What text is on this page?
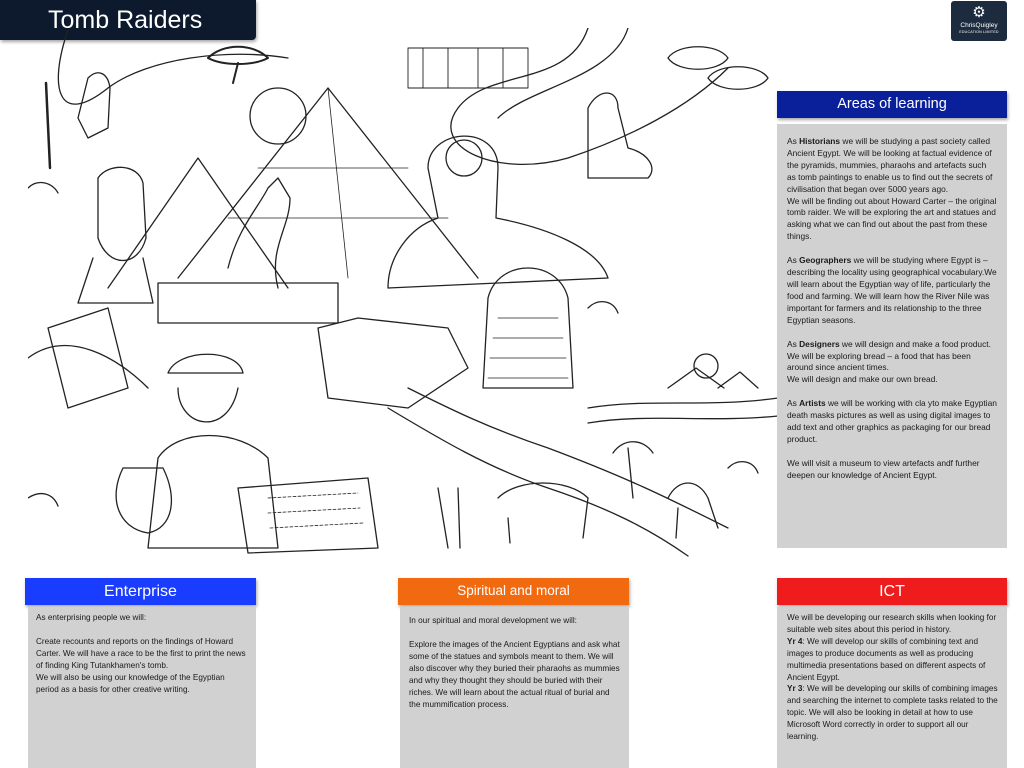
Tomb Raiders	⚙
ChrisQuigley
EDUCATION LIMITED
Areas of learning

As Historians we will be studying a past society called Ancient Egypt. We will be looking at factual evidence of the pyramids, mummies, pharaohs and artefacts such as tomb paintings to enable us to find out the secrets of civilisation that began over 5000 years ago.

We will be finding out about Howard Carter – the original tomb raider. We will be exploring the art and statues and asking what we can find out about the past from these things.

As Geographers we will be studying where Egypt is – describing the locality using geographical vocabulary.We will learn about the Egyptian way of life, particularly the food and farming. We will learn how the River Nile was important for farmers and its relationship to the three Egyptian seasons.

As Designers we will design and make a food product. We will be exploring bread – a food that has been around since ancient times.

We will design and make our own bread.

As Artists we will be working with cla yto make Egyptian death masks pictures as well as using digital images to add text and other graphics as packaging for our bread product.

We will visit a museum to view artefacts andf further deepen our knowledge of Ancient Egypt.

Enterprise

As enterprising people we will:

Create recounts and reports on the findings of Howard Carter. We will have a race to be the first to print the news of finding King Tutankhamen's tomb.

We will also be using our knowledge of the Egyptian period as a basis for other creative writing.

Spiritual and moral

In our spiritual and moral development we will:

Explore the images of the Ancient Egyptians and ask what some of the statues and symbols meant to them. We will also discover why they buried their pharaohs as mummies and why they thought they should be buried with their riches. We will learn about the actual ritual of burial and the mummification process.

ICT

We will be developing our research skills when looking for suitable web sites about this period in history.

Yr 4: We will develop our skills of combining text and images to produce documents as well as producing multimedia presentations based on different aspects of Ancient Egypt.

Yr 3: We will be developing our skills of combining images and searching the internet to complete tasks related to the topic. We will also be looking in detail at how to use Microsoft Word correctly in order to support all our learning.
